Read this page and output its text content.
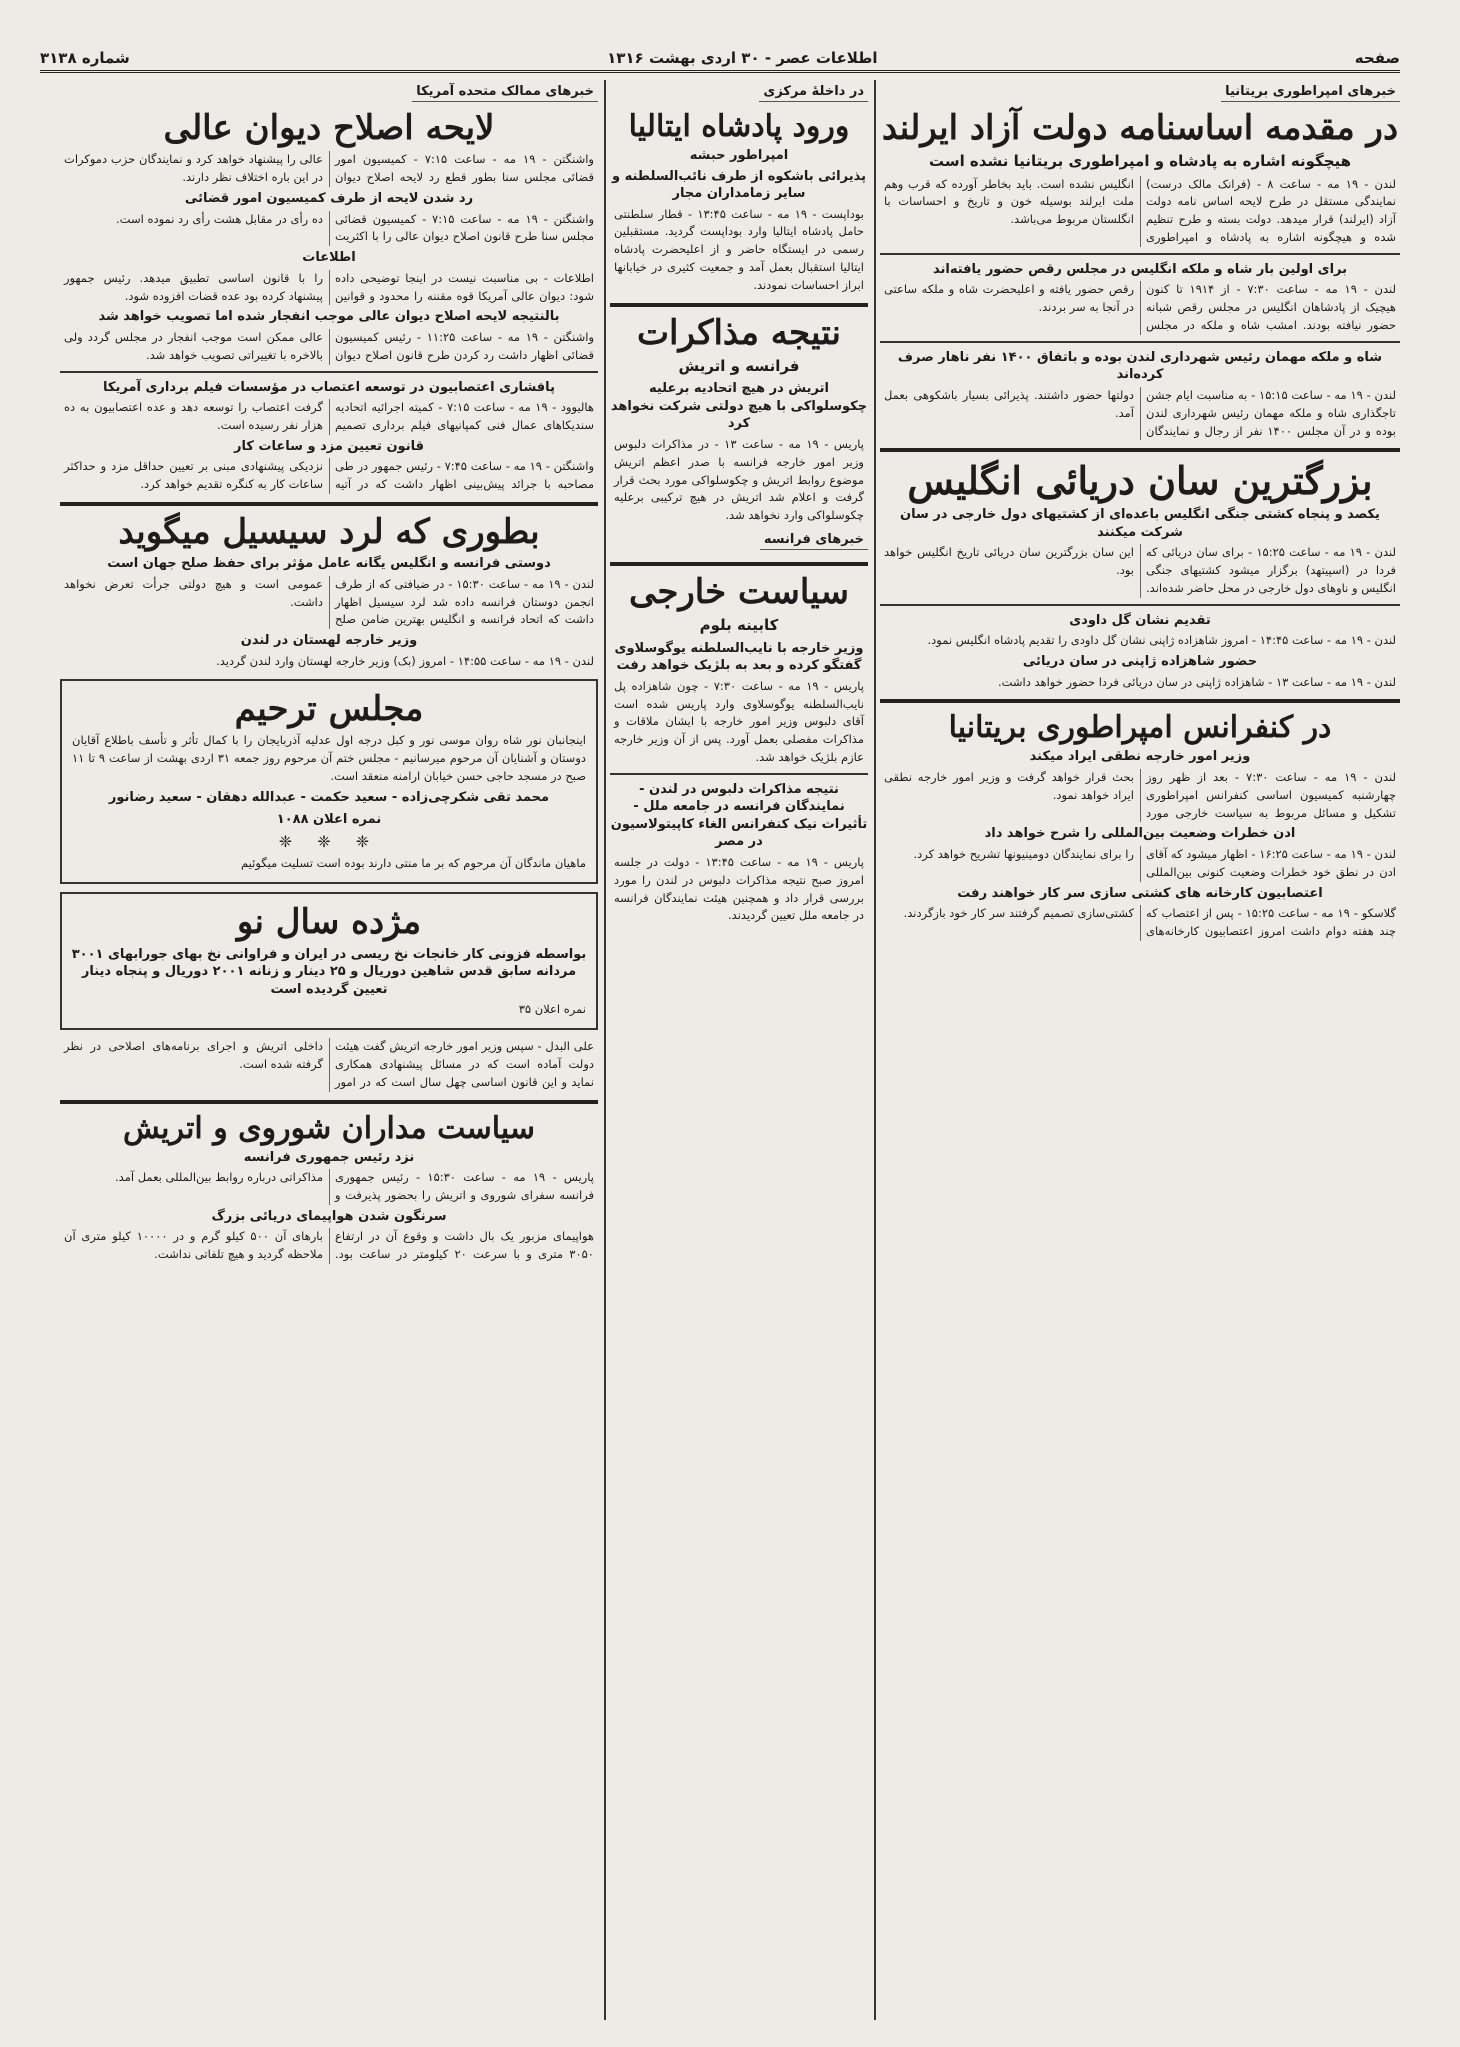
صفحه
اطلاعات عصر - ۳۰ اردی بهشت ۱۳۱۶
شماره ۳۱۳۸
خبرهای امپراطوری بریتانیا
در مقدمه اساسنامه دولت آزاد ایرلند
هیچگونه اشاره به پادشاه و امپراطوری بریتانیا نشده است
لندن - ۱۹ مه - ساعت ۸ - (فرانک مالک درست) نمایندگی مستقل در طرح لایحه اساس نامه دولت آزاد (ایرلند) قرار میدهد. دولت بسته و طرح تنظیم شده و هیچگونه اشاره به پادشاه و امپراطوری انگلیس نشده است. باید بخاطر آورده که قرب وهم ملت ایرلند بوسیله خون و تاریخ و احساسات با انگلستان مربوط می‌باشد.
برای اولین بار شاه و ملکه انگلیس در مجلس رقص حضور یافته‌اند
لندن - ۱۹ مه - ساعت ۷:۳۰ - از ۱۹۱۴ تا کنون هیچیک از پادشاهان انگلیس در مجلس رقص شبانه حضور نیافته بودند. امشب شاه و ملکه در مجلس رقص حضور یافته و اعلیحضرت شاه و ملکه ساعتی در آنجا به سر بردند.
شاه و ملکه مهمان رئیس شهرداری لندن بوده و باتفاق ۱۴۰۰ نفر ناهار صرف کرده‌اند
لندن - ۱۹ مه - ساعت ۱۵:۱۵ - به مناسبت ایام جشن تاجگذاری شاه و ملکه مهمان رئیس شهرداری لندن بوده و در آن مجلس ۱۴۰۰ نفر از رجال و نمایندگان دولتها حضور داشتند. پذیرائی بسیار باشکوهی بعمل آمد.
بزرگترین سان دریائی انگلیس
یکصد و پنجاه کشتی جنگی انگلیس باعده‌ای از کشتیهای دول خارجی در سان شرکت میکنند
لندن - ۱۹ مه - ساعت ۱۵:۲۵ - برای سان دریائی که فردا در (اسپیتهد) برگزار میشود کشتیهای جنگی انگلیس و ناوهای دول خارجی در محل حاضر شده‌اند. این سان بزرگترین سان دریائی تاریخ انگلیس خواهد بود.
تقدیم نشان گل داودی
لندن - ۱۹ مه - ساعت ۱۴:۴۵ - امروز شاهزاده ژاپنی نشان گل داودی را تقدیم پادشاه انگلیس نمود.
حضور شاهزاده ژاپنی در سان دریائی
لندن - ۱۹ مه - ساعت ۱۳ - شاهزاده ژاپنی در سان دریائی فردا حضور خواهد داشت.
در کنفرانس امپراطوری بریتانیا
وزیر امور خارجه نطقی ایراد میکند
لندن - ۱۹ مه - ساعت ۷:۳۰ - بعد از ظهر روز چهارشنبه کمیسیون اساسی کنفرانس امپراطوری تشکیل و مسائل مربوط به سیاست خارجی مورد بحث قرار خواهد گرفت و وزیر امور خارجه نطقی ایراد خواهد نمود.
ادن خطرات وضعیت بین‌المللی را شرح خواهد داد
لندن - ۱۹ مه - ساعت ۱۶:۲۵ - اظهار میشود که آقای ادن در نطق خود خطرات وضعیت کنونی بین‌المللی را برای نمایندگان دومینیونها تشریح خواهد کرد.
اعتصابیون کارخانه های کشتی سازی سر کار خواهند رفت
گلاسکو - ۱۹ مه - ساعت ۱۵:۲۵ - پس از اعتصاب که چند هفته دوام داشت امروز اعتصابیون کارخانه‌های کشتی‌سازی تصمیم گرفتند سر کار خود بازگردند.
در داخلهٔ مرکزی
ورود پادشاه ایتالیا
امپراطور حبشه
پذیرائی باشکوه از طرف نائب‌السلطنه و سایر زمامداران مجار
بوداپست - ۱۹ مه - ساعت ۱۳:۴۵ - قطار سلطنتی حامل پادشاه ایتالیا وارد بوداپست گردید. مستقبلین رسمی در ایستگاه حاضر و از اعلیحضرت پادشاه ایتالیا استقبال بعمل آمد و جمعیت کثیری در خیابانها ابراز احساسات نمودند.
نتیجه مذاکرات
فرانسه و اتریش
اتریش در هیچ اتحادیه برعلیه چکوسلواکی با هیچ دولتی شرکت نخواهد کرد
پاریس - ۱۹ مه - ساعت ۱۳ - در مذاکرات دلبوس وزیر امور خارجه فرانسه با صدر اعظم اتریش موضوع روابط اتریش و چکوسلواکی مورد بحث قرار گرفت و اعلام شد اتریش در هیچ ترکیبی برعلیه چکوسلواکی وارد نخواهد شد.
خبرهای فرانسه
سیاست خارجی
کابینه بلوم
وزیر خارجه با نایب‌السلطنه یوگوسلاوی گفتگو کرده و بعد به بلژیک خواهد رفت
پاریس - ۱۹ مه - ساعت ۷:۳۰ - چون شاهزاده پل نایب‌السلطنه یوگوسلاوی وارد پاریس شده است آقای دلبوس وزیر امور خارجه با ایشان ملاقات و مذاکرات مفصلی بعمل آورد. پس از آن وزیر خارجه عازم بلژیک خواهد شد.
نتیجه مذاکرات دلبوس در لندن - نمایندگان فرانسه در جامعه ملل - تأثیرات نیک کنفرانس الغاء کاپیتولاسیون در مصر
پاریس - ۱۹ مه - ساعت ۱۳:۴۵ - دولت در جلسه امروز صبح نتیجه مذاکرات دلبوس در لندن را مورد بررسی قرار داد و همچنین هیئت نمایندگان فرانسه در جامعه ملل تعیین گردیدند.
خبرهای ممالک متحده آمریکا
لایحه اصلاح دیوان عالی
واشنگتن - ۱۹ مه - ساعت ۷:۱۵ - کمیسیون امور قضائی مجلس سنا بطور قطع رد لایحه اصلاح دیوان عالی را پیشنهاد خواهد کرد و نمایندگان حزب دموکرات در این باره اختلاف نظر دارند.
رد شدن لایحه از طرف کمیسیون امور قضائی
واشنگتن - ۱۹ مه - ساعت ۷:۱۵ - کمیسیون قضائی مجلس سنا طرح قانون اصلاح دیوان عالی را با اکثریت ده رأی در مقابل هشت رأی رد نموده است.
اطلاعات
اطلاعات - بی مناسبت نیست در اینجا توضیحی داده شود: دیوان عالی آمریکا قوه مقننه را محدود و قوانین را با قانون اساسی تطبیق میدهد. رئیس جمهور پیشنهاد کرده بود عده قضات افزوده شود.
بالنتیجه لایحه اصلاح دیوان عالی موجب انفجار شده اما تصویب خواهد شد
واشنگتن - ۱۹ مه - ساعت ۱۱:۲۵ - رئیس کمیسیون قضائی اظهار داشت رد کردن طرح قانون اصلاح دیوان عالی ممکن است موجب انفجار در مجلس گردد ولی بالاخره با تغییراتی تصویب خواهد شد.
پافشاری اعتصابیون در توسعه اعتصاب در مؤسسات فیلم برداری آمریکا
هالیوود - ۱۹ مه - ساعت ۷:۱۵ - کمیته اجرائیه اتحادیه سندیکاهای عمال فنی کمپانیهای فیلم برداری تصمیم گرفت اعتصاب را توسعه دهد و عده اعتصابیون به ده هزار نفر رسیده است.
قانون تعیین مزد و ساعات کار
واشنگتن - ۱۹ مه - ساعت ۷:۴۵ - رئیس جمهور در طی مصاحبه با جرائد پیش‌بینی اظهار داشت که در آتیه نزدیکی پیشنهادی مبنی بر تعیین حداقل مزد و حداکثر ساعات کار به کنگره تقدیم خواهد کرد.
بطوری که لرد سیسیل میگوید
دوستی فرانسه و انگلیس یگانه عامل مؤثر برای حفظ صلح جهان است
لندن - ۱۹ مه - ساعت ۱۵:۳۰ - در ضیافتی که از طرف انجمن دوستان فرانسه داده شد لرد سیسیل اظهار داشت که اتحاد فرانسه و انگلیس بهترین ضامن صلح عمومی است و هیچ دولتی جرأت تعرض نخواهد داشت.
وزیر خارجه لهستان در لندن
لندن - ۱۹ مه - ساعت ۱۴:۵۵ - امروز (بک) وزیر خارجه لهستان وارد لندن گردید.
مجلس ترحیم
اینجانبان نور شاه روان موسی نور و کبل درجه اول عدلیه آذربایجان را با کمال تأثر و تأسف باطلاع آقایان دوستان و آشنایان آن مرحوم میرسانیم - مجلس ختم آن مرحوم روز جمعه ۳۱ اردی بهشت از ساعت ۹ تا ۱۱ صبح در مسجد حاجی حسن خیابان ارامنه منعقد است.
محمد تقی شکرچی‌زاده - سعید حکمت - عبدالله دهقان - سعید رضانور
نمره اعلان ۱۰۸۸
❈ ❈ ❈
ماهیان ماندگان آن مرحوم که بر ما منتی دارند بوده است تسلیت میگوئیم
مژده سال نو
بواسطه فزونی کار خانجات نخ ریسی در ایران و فراوانی نخ بهای جورابهای ۳۰۰۱ مردانه سابق قدس شاهین دوریال و ۲۵ دینار و زنانه ۲۰۰۱ دوریال و پنجاه دینار تعیین گردیده است
نمره اعلان ۳۵
علی البدل - سپس وزیر امور خارجه اتریش گفت هیئت دولت آماده است که در مسائل پیشنهادی همکاری نماید و این قانون اساسی چهل سال است که در امور داخلی اتریش و اجرای برنامه‌های اصلاحی در نظر گرفته شده است.
سیاست مداران شوروی و اتریش
نزد رئیس جمهوری فرانسه
پاریس - ۱۹ مه - ساعت ۱۵:۳۰ - رئیس جمهوری فرانسه سفرای شوروی و اتریش را بحضور پذیرفت و مذاکراتی درباره روابط بین‌المللی بعمل آمد.
سرنگون شدن هواپیمای دریائی بزرگ
هواپیمای مزبور یک بال داشت و وقوع آن در ارتفاع ۳۰۵۰ متری و با سرعت ۲۰ کیلومتر در ساعت بود. بارهای آن ۵۰۰ کیلو گرم و در ۱۰۰۰۰ کیلو متری آن ملاحظه گردید و هیچ تلفاتی نداشت.
